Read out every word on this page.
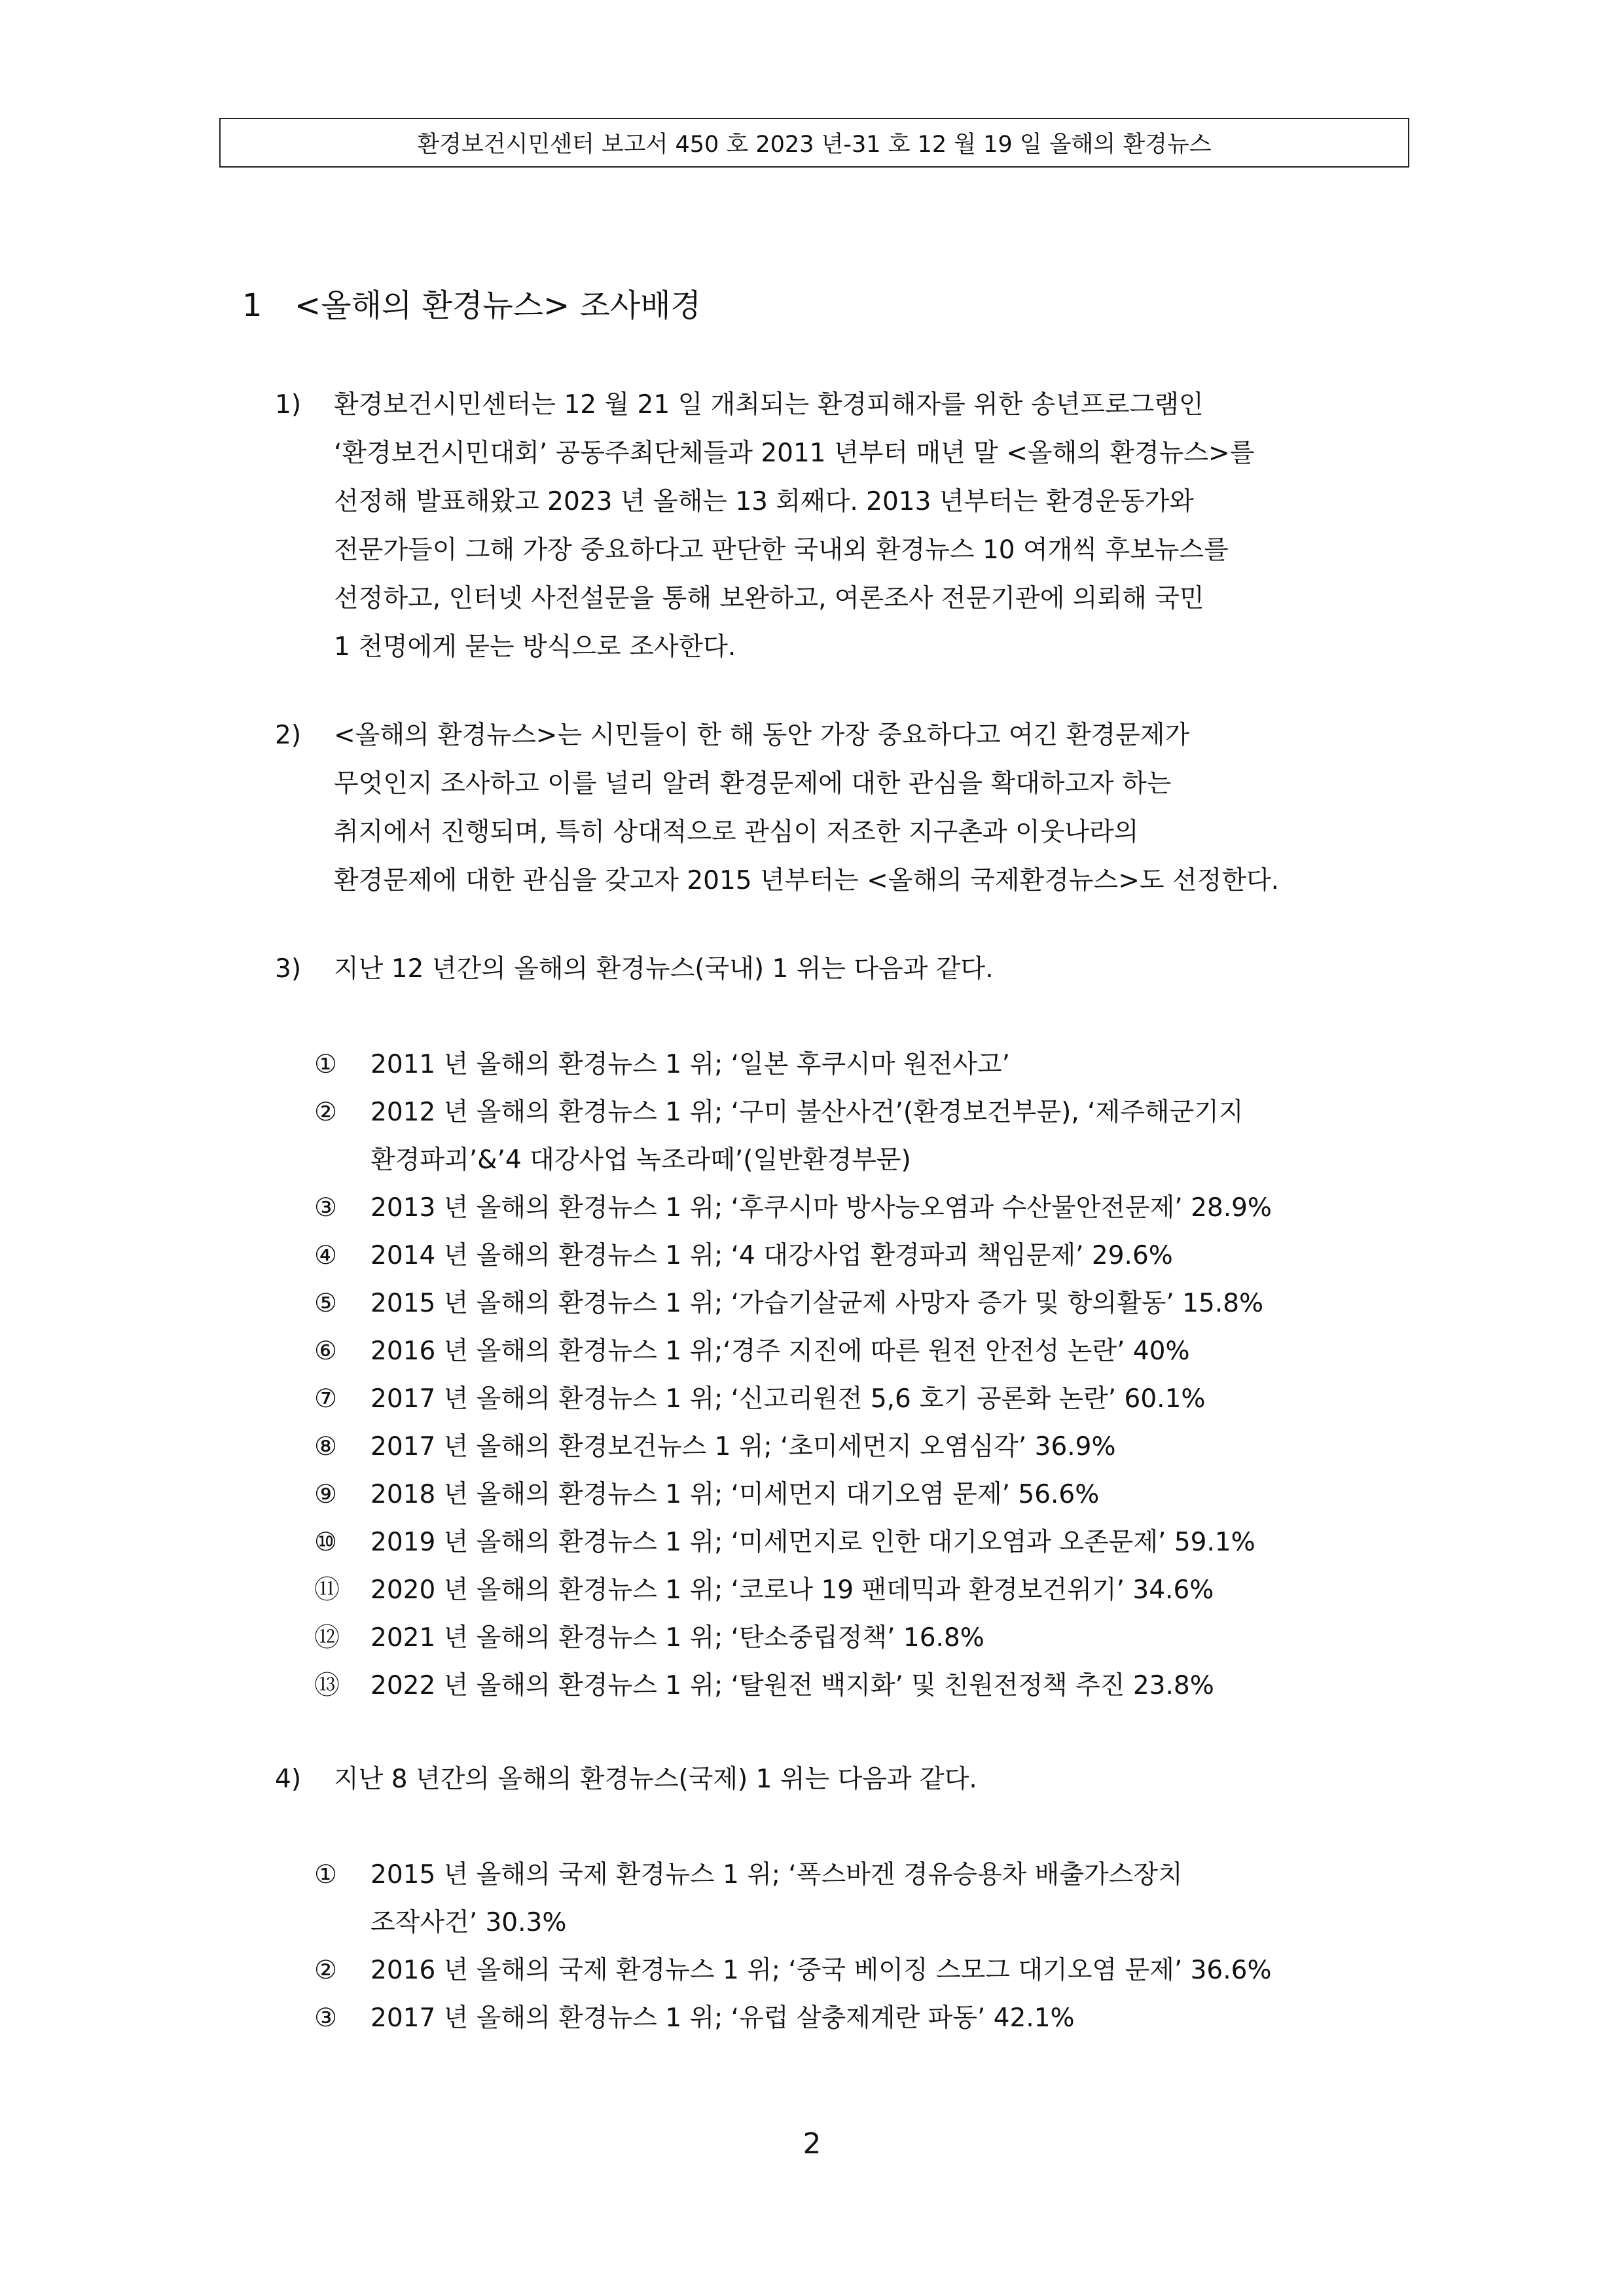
환경보건시민센터 보고서 450 호 2023 년-31 호 12 월 19 일 올해의 환경뉴스
1 <올해의 환경뉴스> 조사배경
1) 환경보건시민센터는 12 월 21 일 개최되는 환경피해자를 위한 송년프로그램인
‘환경보건시민대회’ 공동주최단체들과 2011 년부터 매년 말 <올해의 환경뉴스>를
선정해 발표해왔고 2023 년 올해는 13 회째다. 2013 년부터는 환경운동가와
전문가들이 그해 가장 중요하다고 판단한 국내외 환경뉴스 10 여개씩 후보뉴스를
선정하고, 인터넷 사전설문을 통해 보완하고, 여론조사 전문기관에 의뢰해 국민
1 천명에게 묻는 방식으로 조사한다.
2) <올해의 환경뉴스>는 시민들이 한 해 동안 가장 중요하다고 여긴 환경문제가
무엇인지 조사하고 이를 널리 알려 환경문제에 대한 관심을 확대하고자 하는
취지에서 진행되며, 특히 상대적으로 관심이 저조한 지구촌과 이웃나라의
환경문제에 대한 관심을 갖고자 2015 년부터는 <올해의 국제환경뉴스>도 선정한다.
3) 지난 12 년간의 올해의 환경뉴스(국내) 1 위는 다음과 같다.
①	2011 년 올해의 환경뉴스 1 위; ‘일본 후쿠시마 원전사고’
②	2012 년 올해의 환경뉴스 1 위; ‘구미 불산사건’(환경보건부문), ‘제주해군기지
환경파괴’&’4 대강사업 녹조라떼’(일반환경부문)
③	2013 년 올해의 환경뉴스 1 위; ‘후쿠시마 방사능오염과 수산물안전문제’ 28.9%
④	2014 년 올해의 환경뉴스 1 위; ‘4 대강사업 환경파괴 책임문제’ 29.6%
⑤	2015 년 올해의 환경뉴스 1 위; ‘가습기살균제 사망자 증가 및 항의활동’ 15.8%
⑥	2016 년 올해의 환경뉴스 1 위;‘경주 지진에 따른 원전 안전성 논란’ 40%
⑦	2017 년 올해의 환경뉴스 1 위; ‘신고리원전 5,6 호기 공론화 논란’ 60.1%
⑧	2017 년 올해의 환경보건뉴스 1 위; ‘초미세먼지 오염심각’ 36.9%
⑨	2018 년 올해의 환경뉴스 1 위; ‘미세먼지 대기오염 문제’ 56.6%
⑩	2019 년 올해의 환경뉴스 1 위; ‘미세먼지로 인한 대기오염과 오존문제’ 59.1%
⑪	2020 년 올해의 환경뉴스 1 위; ‘코로나 19 팬데믹과 환경보건위기’ 34.6%
⑫	2021 년 올해의 환경뉴스 1 위; ‘탄소중립정책’ 16.8%
⑬	2022 년 올해의 환경뉴스 1 위; ‘탈원전 백지화’ 및 친원전정책 추진 23.8%
4) 지난 8 년간의 올해의 환경뉴스(국제) 1 위는 다음과 같다.
①	2015 년 올해의 국제 환경뉴스 1 위; ‘폭스바겐 경유승용차 배출가스장치
조작사건’ 30.3%
②	2016 년 올해의 국제 환경뉴스 1 위; ‘중국 베이징 스모그 대기오염 문제’ 36.6%
③	2017 년 올해의 환경뉴스 1 위; ‘유럽 살충제계란 파동’ 42.1%
2
